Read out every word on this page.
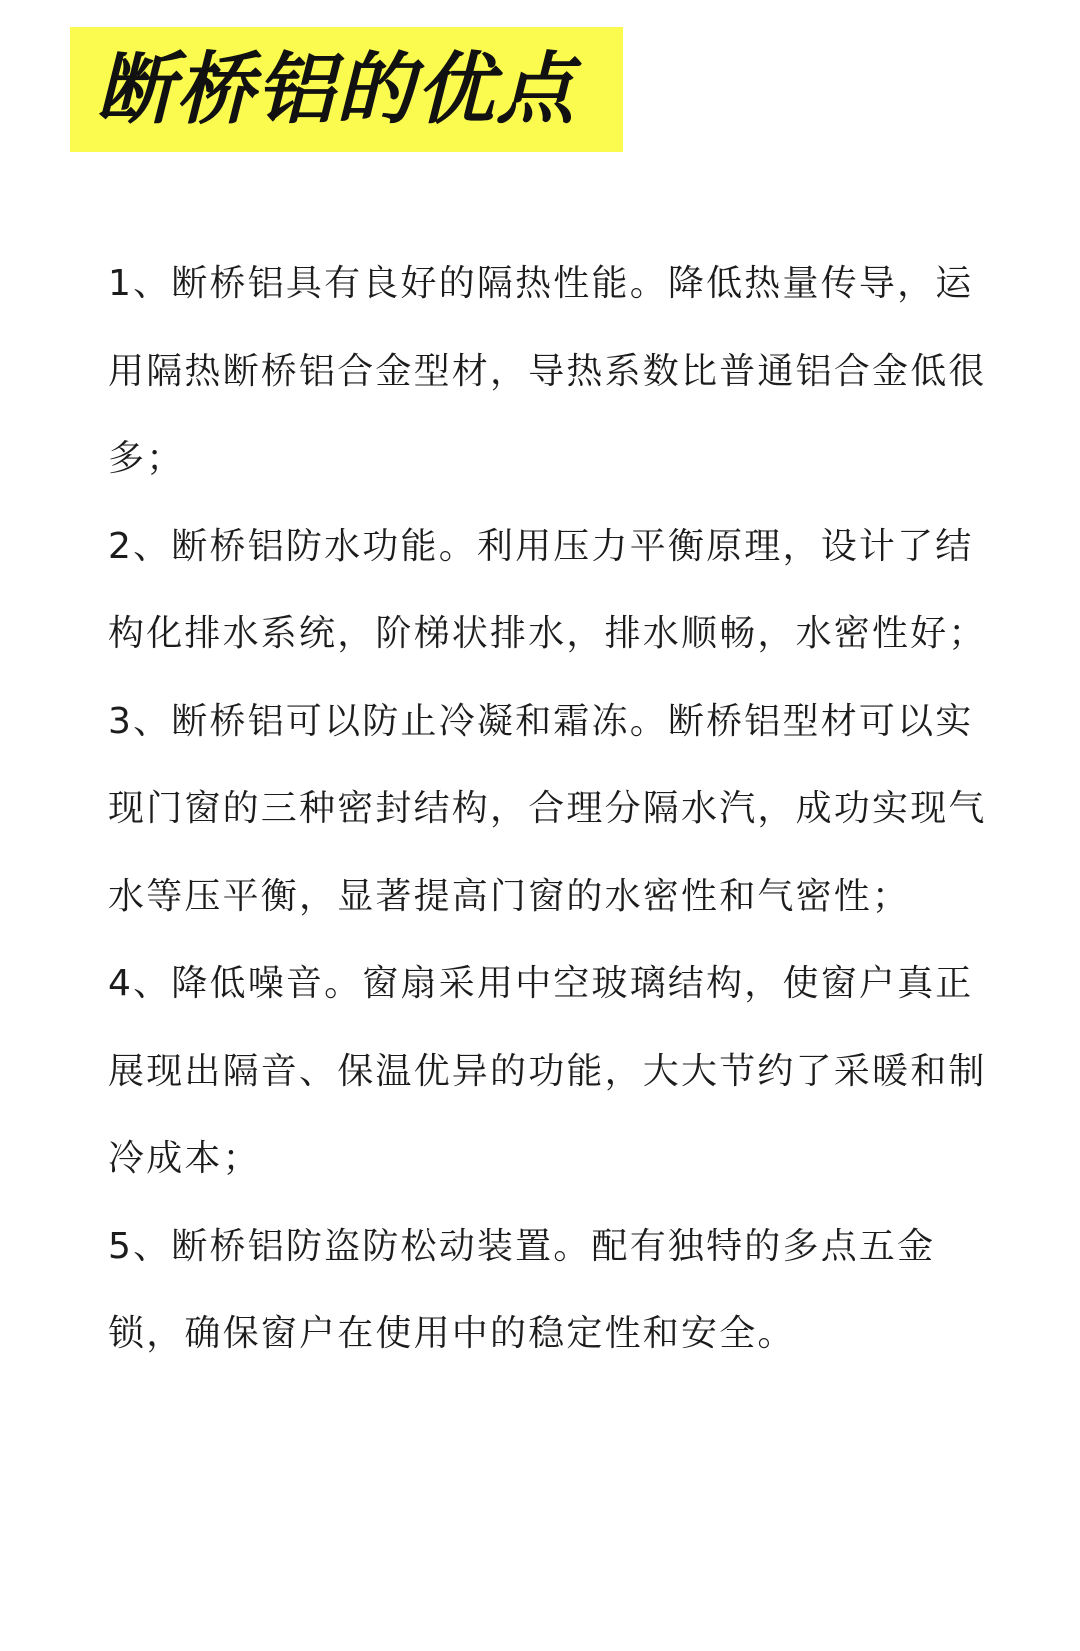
断桥铝的优点

1、断桥铝具有良好的隔热性能。降低热量传导，运用隔热断桥铝合金型材，导热系数比普通铝合金低很多；

2、断桥铝防水功能。利用压力平衡原理，设计了结构化排水系统，阶梯状排水，排水顺畅，水密性好；

3、断桥铝可以防止冷凝和霜冻。断桥铝型材可以实现门窗的三种密封结构，合理分隔水汽，成功实现气水等压平衡，显著提高门窗的水密性和气密性；

4、降低噪音。窗扇采用中空玻璃结构，使窗户真正展现出隔音、保温优异的功能，大大节约了采暖和制冷成本；

5、断桥铝防盗防松动装置。配有独特的多点五金锁，确保窗户在使用中的稳定性和安全。
